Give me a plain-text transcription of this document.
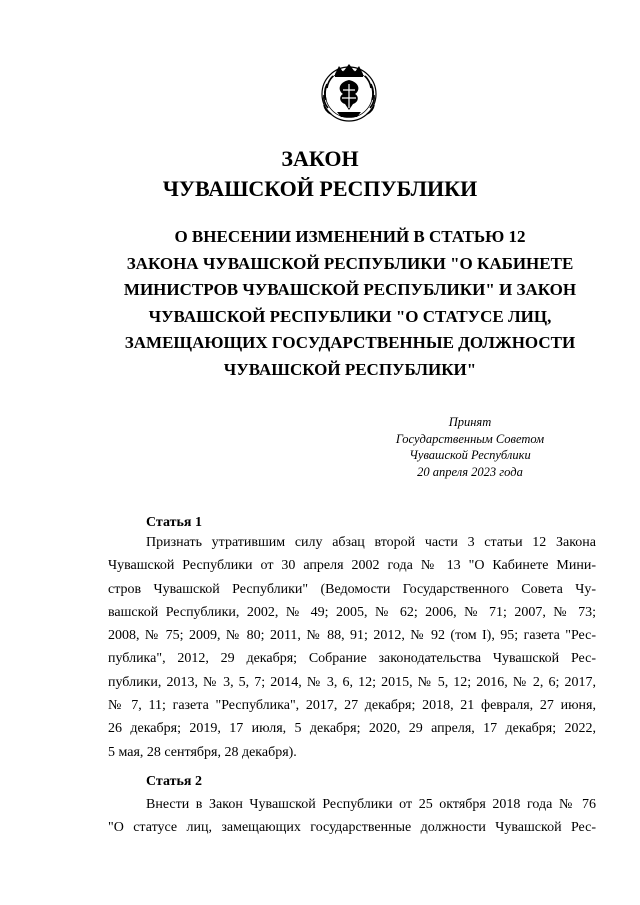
ЗАКОН
ЧУВАШСКОЙ РЕСПУБЛИКИ
О ВНЕСЕНИИ ИЗМЕНЕНИЙ В СТАТЬЮ 12
ЗАКОНА ЧУВАШСКОЙ РЕСПУБЛИКИ "О КАБИНЕТЕ
МИНИСТРОВ ЧУВАШСКОЙ РЕСПУБЛИКИ" И ЗАКОН
ЧУВАШСКОЙ РЕСПУБЛИКИ "О СТАТУСЕ ЛИЦ,
ЗАМЕЩАЮЩИХ ГОСУДАРСТВЕННЫЕ ДОЛЖНОСТИ
ЧУВАШСКОЙ РЕСПУБЛИКИ"
Принят
Государственным Советом
Чувашской Республики
20 апреля 2023 года
Статья 1
Признать утратившим силу абзац второй части 3 статьи 12 Закона
Чувашской Республики от 30 апреля 2002 года № 13 "О Кабинете Мини-
стров Чувашской Республики" (Ведомости Государственного Совета Чу-
вашской Республики, 2002, № 49; 2005, № 62; 2006, № 71; 2007, № 73;
2008, № 75; 2009, № 80; 2011, № 88, 91; 2012, № 92 (том I), 95; газета "Рес-
публика", 2012, 29 декабря; Собрание законодательства Чувашской Рес-
публики, 2013, № 3, 5, 7; 2014, № 3, 6, 12; 2015, № 5, 12; 2016, № 2, 6; 2017,
№ 7, 11; газета "Республика", 2017, 27 декабря; 2018, 21 февраля, 27 июня,
26 декабря; 2019, 17 июля, 5 декабря; 2020, 29 апреля, 17 декабря; 2022,
5 мая, 28 сентября, 28 декабря).
Статья 2
Внести в Закон Чувашской Республики от 25 октября 2018 года № 76
"О статусе лиц, замещающих государственные должности Чувашской Рес-
